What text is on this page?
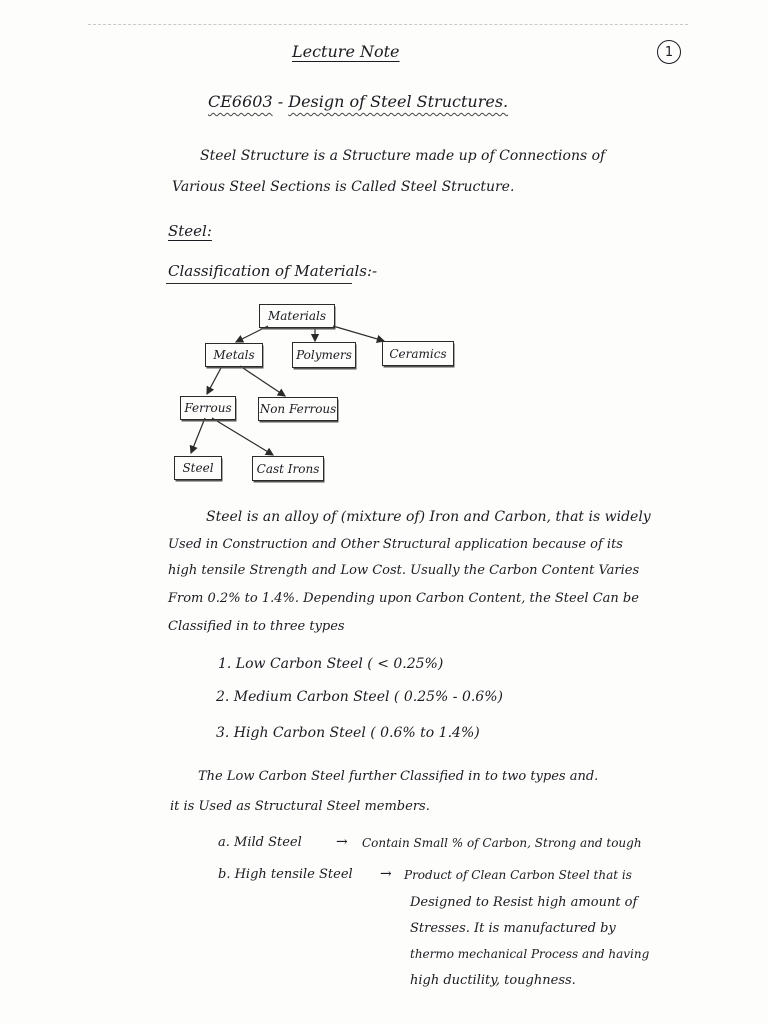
Lecture Note	1
CE6603 - Design of Steel Structures.
Steel Structure is a Structure made up of Connections of
Various Steel Sections is Called Steel Structure.
Steel:
Classification of Materials:-
Materials
Metals	Polymers	Ceramics
Ferrous	Non Ferrous
Steel	Cast Irons
Steel is an alloy of (mixture of) Iron and Carbon, that is widely
Used in Construction and Other Structural application because of its
high tensile Strength and Low Cost. Usually the Carbon Content Varies
From 0.2% to 1.4%. Depending upon Carbon Content, the Steel Can be
Classified in to three types
1. Low Carbon Steel ( < 0.25%)
2. Medium Carbon Steel ( 0.25% - 0.6%)
3. High Carbon Steel ( 0.6% to 1.4%)
The Low Carbon Steel further Classified in to two types and.
it is Used as Structural Steel members.
a. Mild Steel → Contain Small % of Carbon, Strong and tough
b. High tensile Steel → Product of Clean Carbon Steel that is
Designed to Resist high amount of
Stresses. It is manufactured by
thermo mechanical Process and having
high ductility, toughness.
